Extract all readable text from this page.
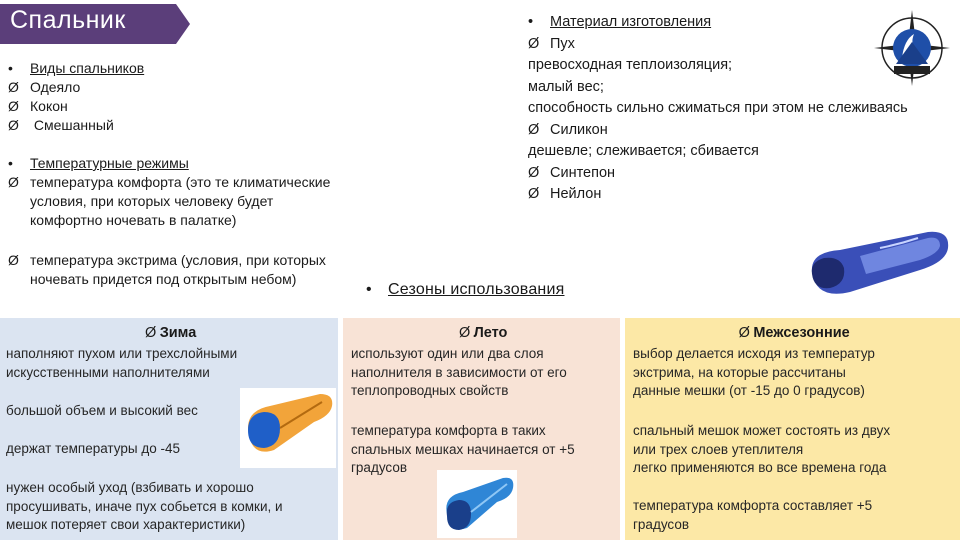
Спальник
• Виды спальников
Ø Одеяло
Ø Кокон
Ø Смешанный
• Температурные режимы
Ø температура комфорта (это те климатические
условия, при которых человеку будет
комфортно ночевать в палатке)
Ø температура экстрима (условия, при которых
ночевать придется под открытым небом)
• Материал изготовления
Ø Пух
превосходная теплоизоляция;
малый вес;
способность сильно сжиматься при этом не слеживаясь
Ø Силикон
дешевле; слеживается; сбивается
Ø Синтепон
Ø Нейлон
• Сезоны использования
Ø Зима
наполняют пухом или трехслойными
искусственными наполнителями
большой объем и высокий вес
держат температуры до -45
нужен особый уход (взбивать и хорошо
просушивать, иначе пух собьется в комки, и
мешок потеряет свои характеристики)
Ø Лето
используют один или два слоя
наполнителя в зависимости от его
теплопроводных свойств
температура комфорта в таких
спальных мешках начинается от +5
градусов
Ø Межсезонние
выбор делается исходя из температур
экстрима, на которые рассчитаны
данные мешки (от -15 до 0 градусов)
спальный мешок может состоять из двух
или трех слоев утеплителя
легко применяются во все времена года
температура комфорта составляет +5
градусов
